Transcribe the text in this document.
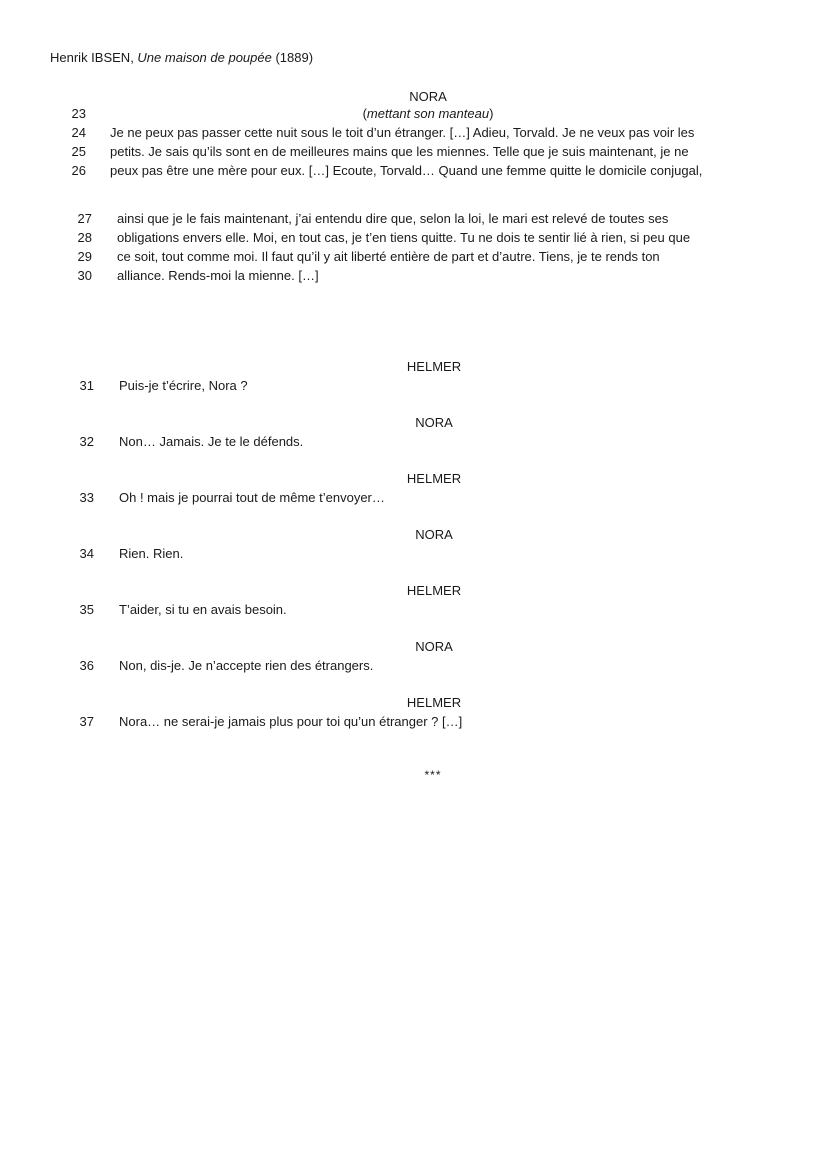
Henrik IBSEN, Une maison de poupée (1889)
NORA
23	(mettant son manteau)
24 Je ne peux pas passer cette nuit sous le toit d’un étranger. […] Adieu, Torvald. Je ne veux pas voir les
25 petits. Je sais qu’ils sont en de meilleures mains que les miennes. Telle que je suis maintenant, je ne
26 peux pas être une mère pour eux. […] Ecoute, Torvald… Quand une femme quitte le domicile conjugal,
27 ainsi que je le fais maintenant, j’ai entendu dire que, selon la loi, le mari est relevé de toutes ses
28 obligations envers elle. Moi, en tout cas, je t’en tiens quitte. Tu ne dois te sentir lié à rien, si peu que
29 ce soit, tout comme moi. Il faut qu’il y ait liberté entière de part et d’autre. Tiens, je te rends ton
30 alliance. Rends-moi la mienne. […]
HELMER
31 Puis-je t’écrire, Nora ?
NORA
32 Non… Jamais. Je te le défends.
HELMER
33 Oh ! mais je pourrai tout de même t’envoyer…
NORA
34 Rien. Rien.
HELMER
35 T’aider, si tu en avais besoin.
NORA
36 Non, dis-je. Je n’accepte rien des étrangers.
HELMER
37 Nora… ne serai-je jamais plus pour toi qu’un étranger ? […]
***
